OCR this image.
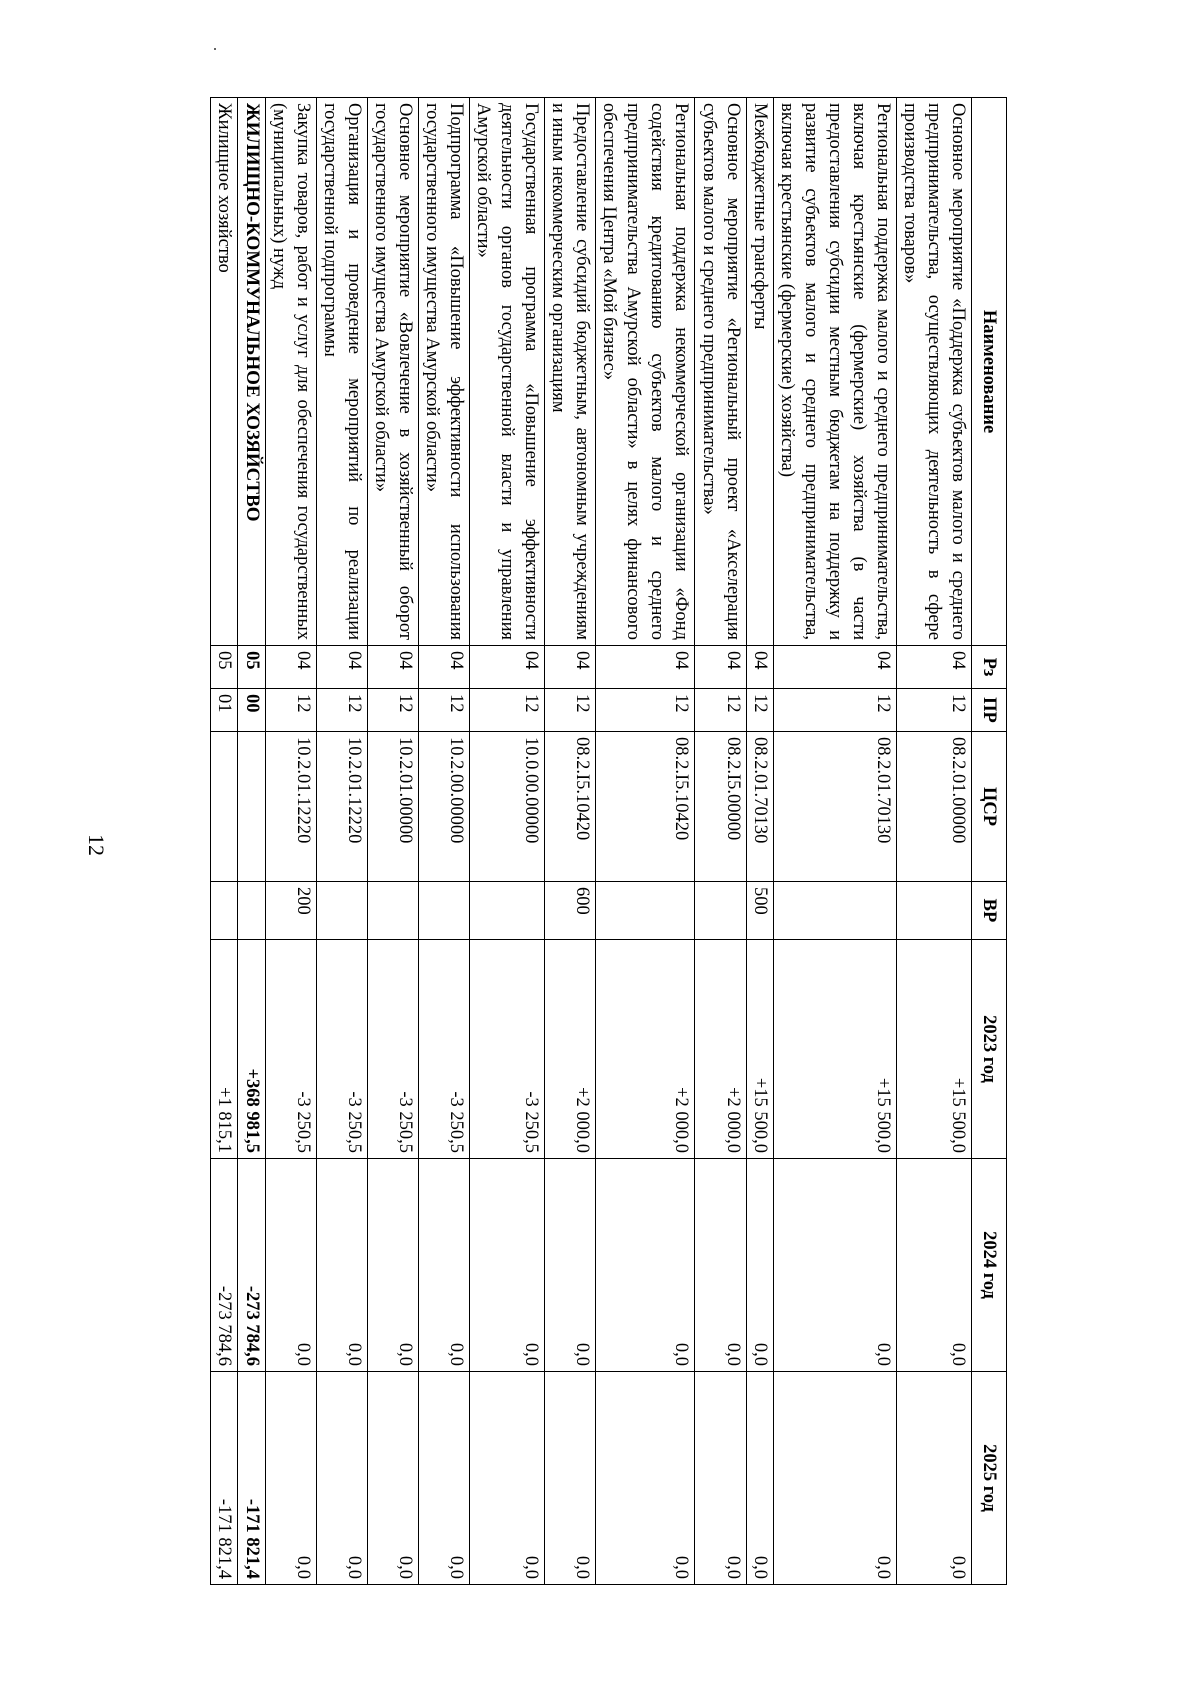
12
Наименование	Рз	ПР	ЦСР	ВР	2023 год	2024 год	2025 год
Основное мероприятие «Поддержка субъектов малого и среднего предпринимательства, осуществляющих деятельность в сфере производства товаров»	04	12	08.2.01.00000		+15 500,0	0,0	0,0
Региональная поддержка малого и среднего предпринимательства, включая крестьянские (фермерские) хозяйства (в части предоставления субсидии местным бюджетам на поддержку и развитие субъектов малого и среднего предпринимательства, включая крестьянские (фермерские) хозяйства)	04	12	08.2.01.70130		+15 500,0	0,0	0,0
Межбюджетные трансферты	04	12	08.2.01.70130	500	+15 500,0	0,0	0,0
Основное мероприятие «Региональный проект «Акселерация субъектов малого и среднего предпринимательства»	04	12	08.2.I5.00000		+2 000,0	0,0	0,0
Региональная поддержка некоммерческой организации «Фонд содействия кредитованию субъектов малого и среднего предпринимательства Амурской области» в целях финансового обеспечения Центра «Мой бизнес»	04	12	08.2.I5.10420		+2 000,0	0,0	0,0
Предоставление субсидий бюджетным, автономным учреждениям и иным некоммерческим организациям	04	12	08.2.I5.10420	600	+2 000,0	0,0	0,0
Государственная программа «Повышение эффективности деятельности органов государственной власти и управления Амурской области»	04	12	10.0.00.00000		-3 250,5	0,0	0,0
Подпрограмма «Повышение эффективности использования государственного имущества Амурской области»	04	12	10.2.00.00000		-3 250,5	0,0	0,0
Основное мероприятие «Вовлечение в хозяйственный оборот государственного имущества Амурской области»	04	12	10.2.01.00000		-3 250,5	0,0	0,0
Организация и проведение мероприятий по реализации государственной подпрограммы	04	12	10.2.01.12220		-3 250,5	0,0	0,0
Закупка товаров, работ и услуг для обеспечения государственных (муниципальных) нужд	04	12	10.2.01.12220	200	-3 250,5	0,0	0,0
ЖИЛИЩНО-КОММУНАЛЬНОЕ ХОЗЯЙСТВО	05	00			+368 981,5	-273 784,6	-171 821,4
Жилищное хозяйство	05	01			+1 815,1	-273 784,6	-171 821,4
